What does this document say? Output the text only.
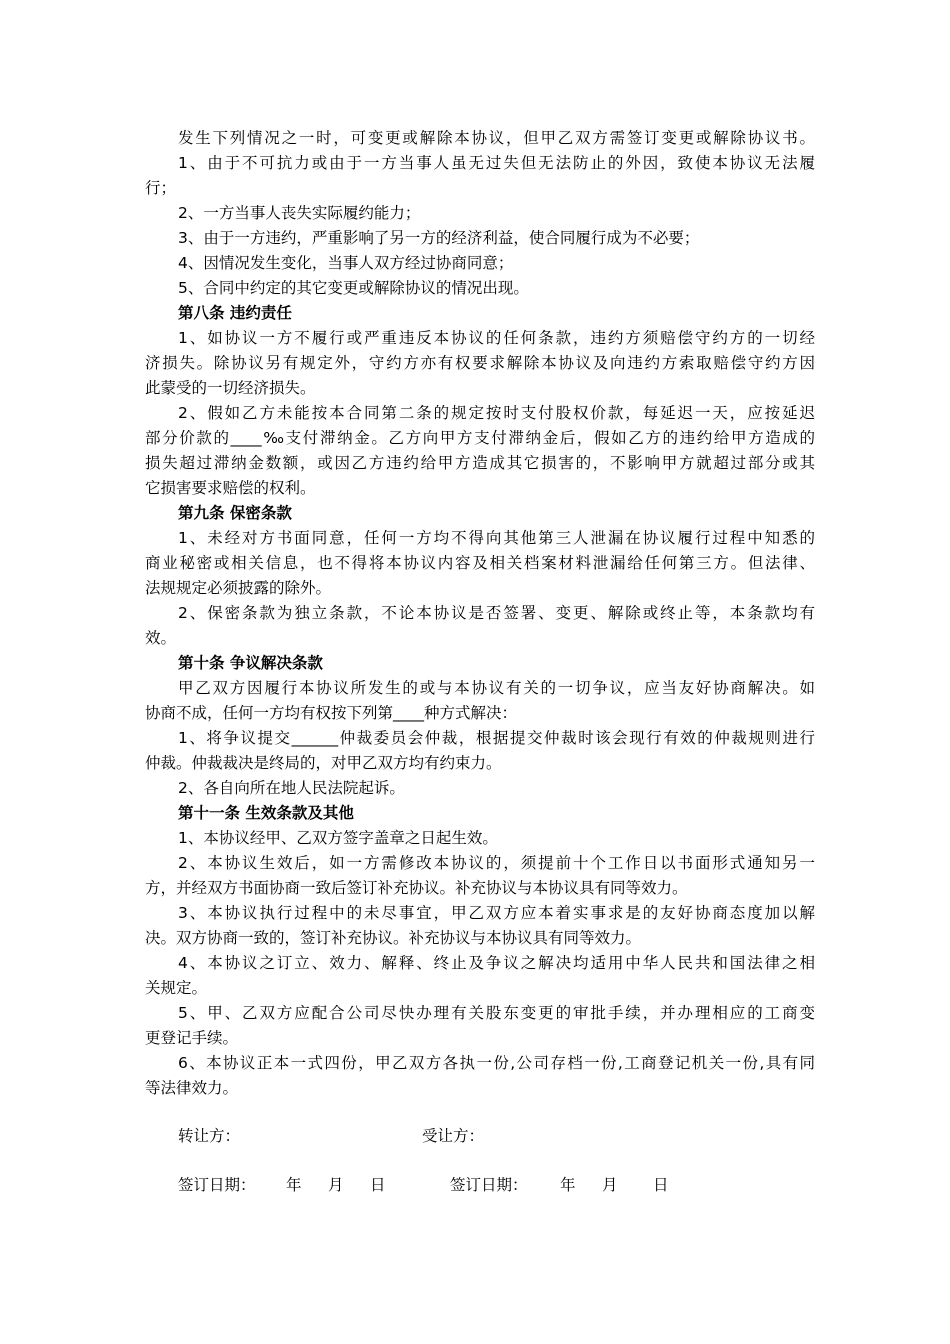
发生下列情况之一时，可变更或解除本协议，但甲乙双方需签订变更或解除协议书。
1、由于不可抗力或由于一方当事人虽无过失但无法防止的外因，致使本协议无法履
行；
2、一方当事人丧失实际履约能力；
3、由于一方违约，严重影响了另一方的经济利益，使合同履行成为不必要；
4、因情况发生变化，当事人双方经过协商同意；
5、合同中约定的其它变更或解除协议的情况出现。
第八条 违约责任
1、如协议一方不履行或严重违反本协议的任何条款，违约方须赔偿守约方的一切经
济损失。除协议另有规定外，守约方亦有权要求解除本协议及向违约方索取赔偿守约方因
此蒙受的一切经济损失。
2、假如乙方未能按本合同第二条的规定按时支付股权价款，每延迟一天，应按延迟
部分价款的____‰支付滞纳金。乙方向甲方支付滞纳金后，假如乙方的违约给甲方造成的
损失超过滞纳金数额，或因乙方违约给甲方造成其它损害的，不影响甲方就超过部分或其
它损害要求赔偿的权利。
第九条 保密条款
1、未经对方书面同意，任何一方均不得向其他第三人泄漏在协议履行过程中知悉的
商业秘密或相关信息，也不得将本协议内容及相关档案材料泄漏给任何第三方。但法律、
法规规定必须披露的除外。
2、保密条款为独立条款，不论本协议是否签署、变更、解除或终止等，本条款均有
效。
第十条 争议解决条款
甲乙双方因履行本协议所发生的或与本协议有关的一切争议，应当友好协商解决。如
协商不成，任何一方均有权按下列第____种方式解决：
1、将争议提交______仲裁委员会仲裁，根据提交仲裁时该会现行有效的仲裁规则进行
仲裁。仲裁裁决是终局的，对甲乙双方均有约束力。
2、各自向所在地人民法院起诉。
第十一条 生效条款及其他
1、本协议经甲、乙双方签字盖章之日起生效。
2、本协议生效后，如一方需修改本协议的，须提前十个工作日以书面形式通知另一
方，并经双方书面协商一致后签订补充协议。补充协议与本协议具有同等效力。
3、本协议执行过程中的未尽事宜，甲乙双方应本着实事求是的友好协商态度加以解
决。双方协商一致的，签订补充协议。补充协议与本协议具有同等效力。
4、本协议之订立、效力、解释、终止及争议之解决均适用中华人民共和国法律之相
关规定。
5、甲、乙双方应配合公司尽快办理有关股东变更的审批手续，并办理相应的工商变
更登记手续。
6、本协议正本一式四份，甲乙双方各执一份,公司存档一份,工商登记机关一份,具有同
等法律效力。
转让方：	受让方：
签订日期： 年 月 日	签订日期： 年 月 日
